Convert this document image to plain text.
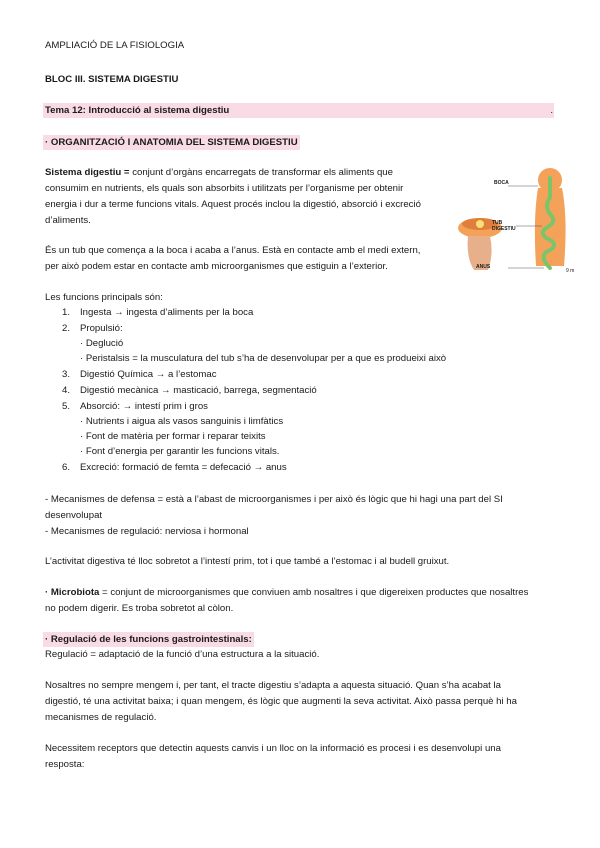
AMPLIACIÓ DE LA FISIOLOGIA
BLOC III. SISTEMA DIGESTIU
Tema 12: Introducció al sistema digestiu	.
· ORGANITZACIÓ I ANATOMIA DEL SISTEMA DIGESTIU
Sistema digestiu = conjunt d’orgàns encarregats de transformar els aliments que
consumim en nutrients, els quals son absorbits i utilitzats per l’organisme per obtenir
energia i dur a terme funcions vitals. Aquest procés inclou la digestió, absorció i excreció
d’aliments.
És un tub que comença a la boca i acaba a l’anus. Està en contacte amb el medi extern,
per això podem estar en contacte amb microorganismes que estiguin a l’exterior.
BOCA
TUB DIGESTIU
ANUS
9 m
Les funcions principals són:
1. Ingesta → ingesta d’aliments per la boca
2. Propulsió:
· Deglució
· Peristalsis = la musculatura del tub s’ha de desenvolupar per a que es produeixi això
3. Digestió Química → a l’estomac
4. Digestió mecànica → masticació, barrega, segmentació
5. Absorció: → intestí prim i gros
· Nutrients i aigua als vasos sanguinis i limfàtics
· Font de matèria per formar i reparar teixits
· Font d’energia per garantir les funcions vitals.
6. Excreció: formació de femta = defecació → anus
- Mecanismes de defensa = està a l’abast de microorganismes i per això és lògic que hi hagi una part del SI
desenvolupat
- Mecanismes de regulació: nerviosa i hormonal
L’activitat digestiva té lloc sobretot a l’intestí prim, tot i que també a l’estomac i al budell gruixut.
· Microbiota = conjunt de microorganismes que conviuen amb nosaltres i que digereixen productes que nosaltres
no podem digerir. Es troba sobretot al còlon.
· Regulació de les funcions gastrointestinals:
Regulació = adaptació de la funció d’una estructura a la situació.
Nosaltres no sempre mengem i, per tant, el tracte digestiu s’adapta a aquesta situació. Quan s’ha acabat la
digestió, té una activitat baixa; i quan mengem, és lògic que augmenti la seva activitat. Això passa perquè hi ha
mecanismes de regulació.
Necessitem receptors que detectin aquests canvis i un lloc on la informació es procesi i es desenvolupi una
resposta:
